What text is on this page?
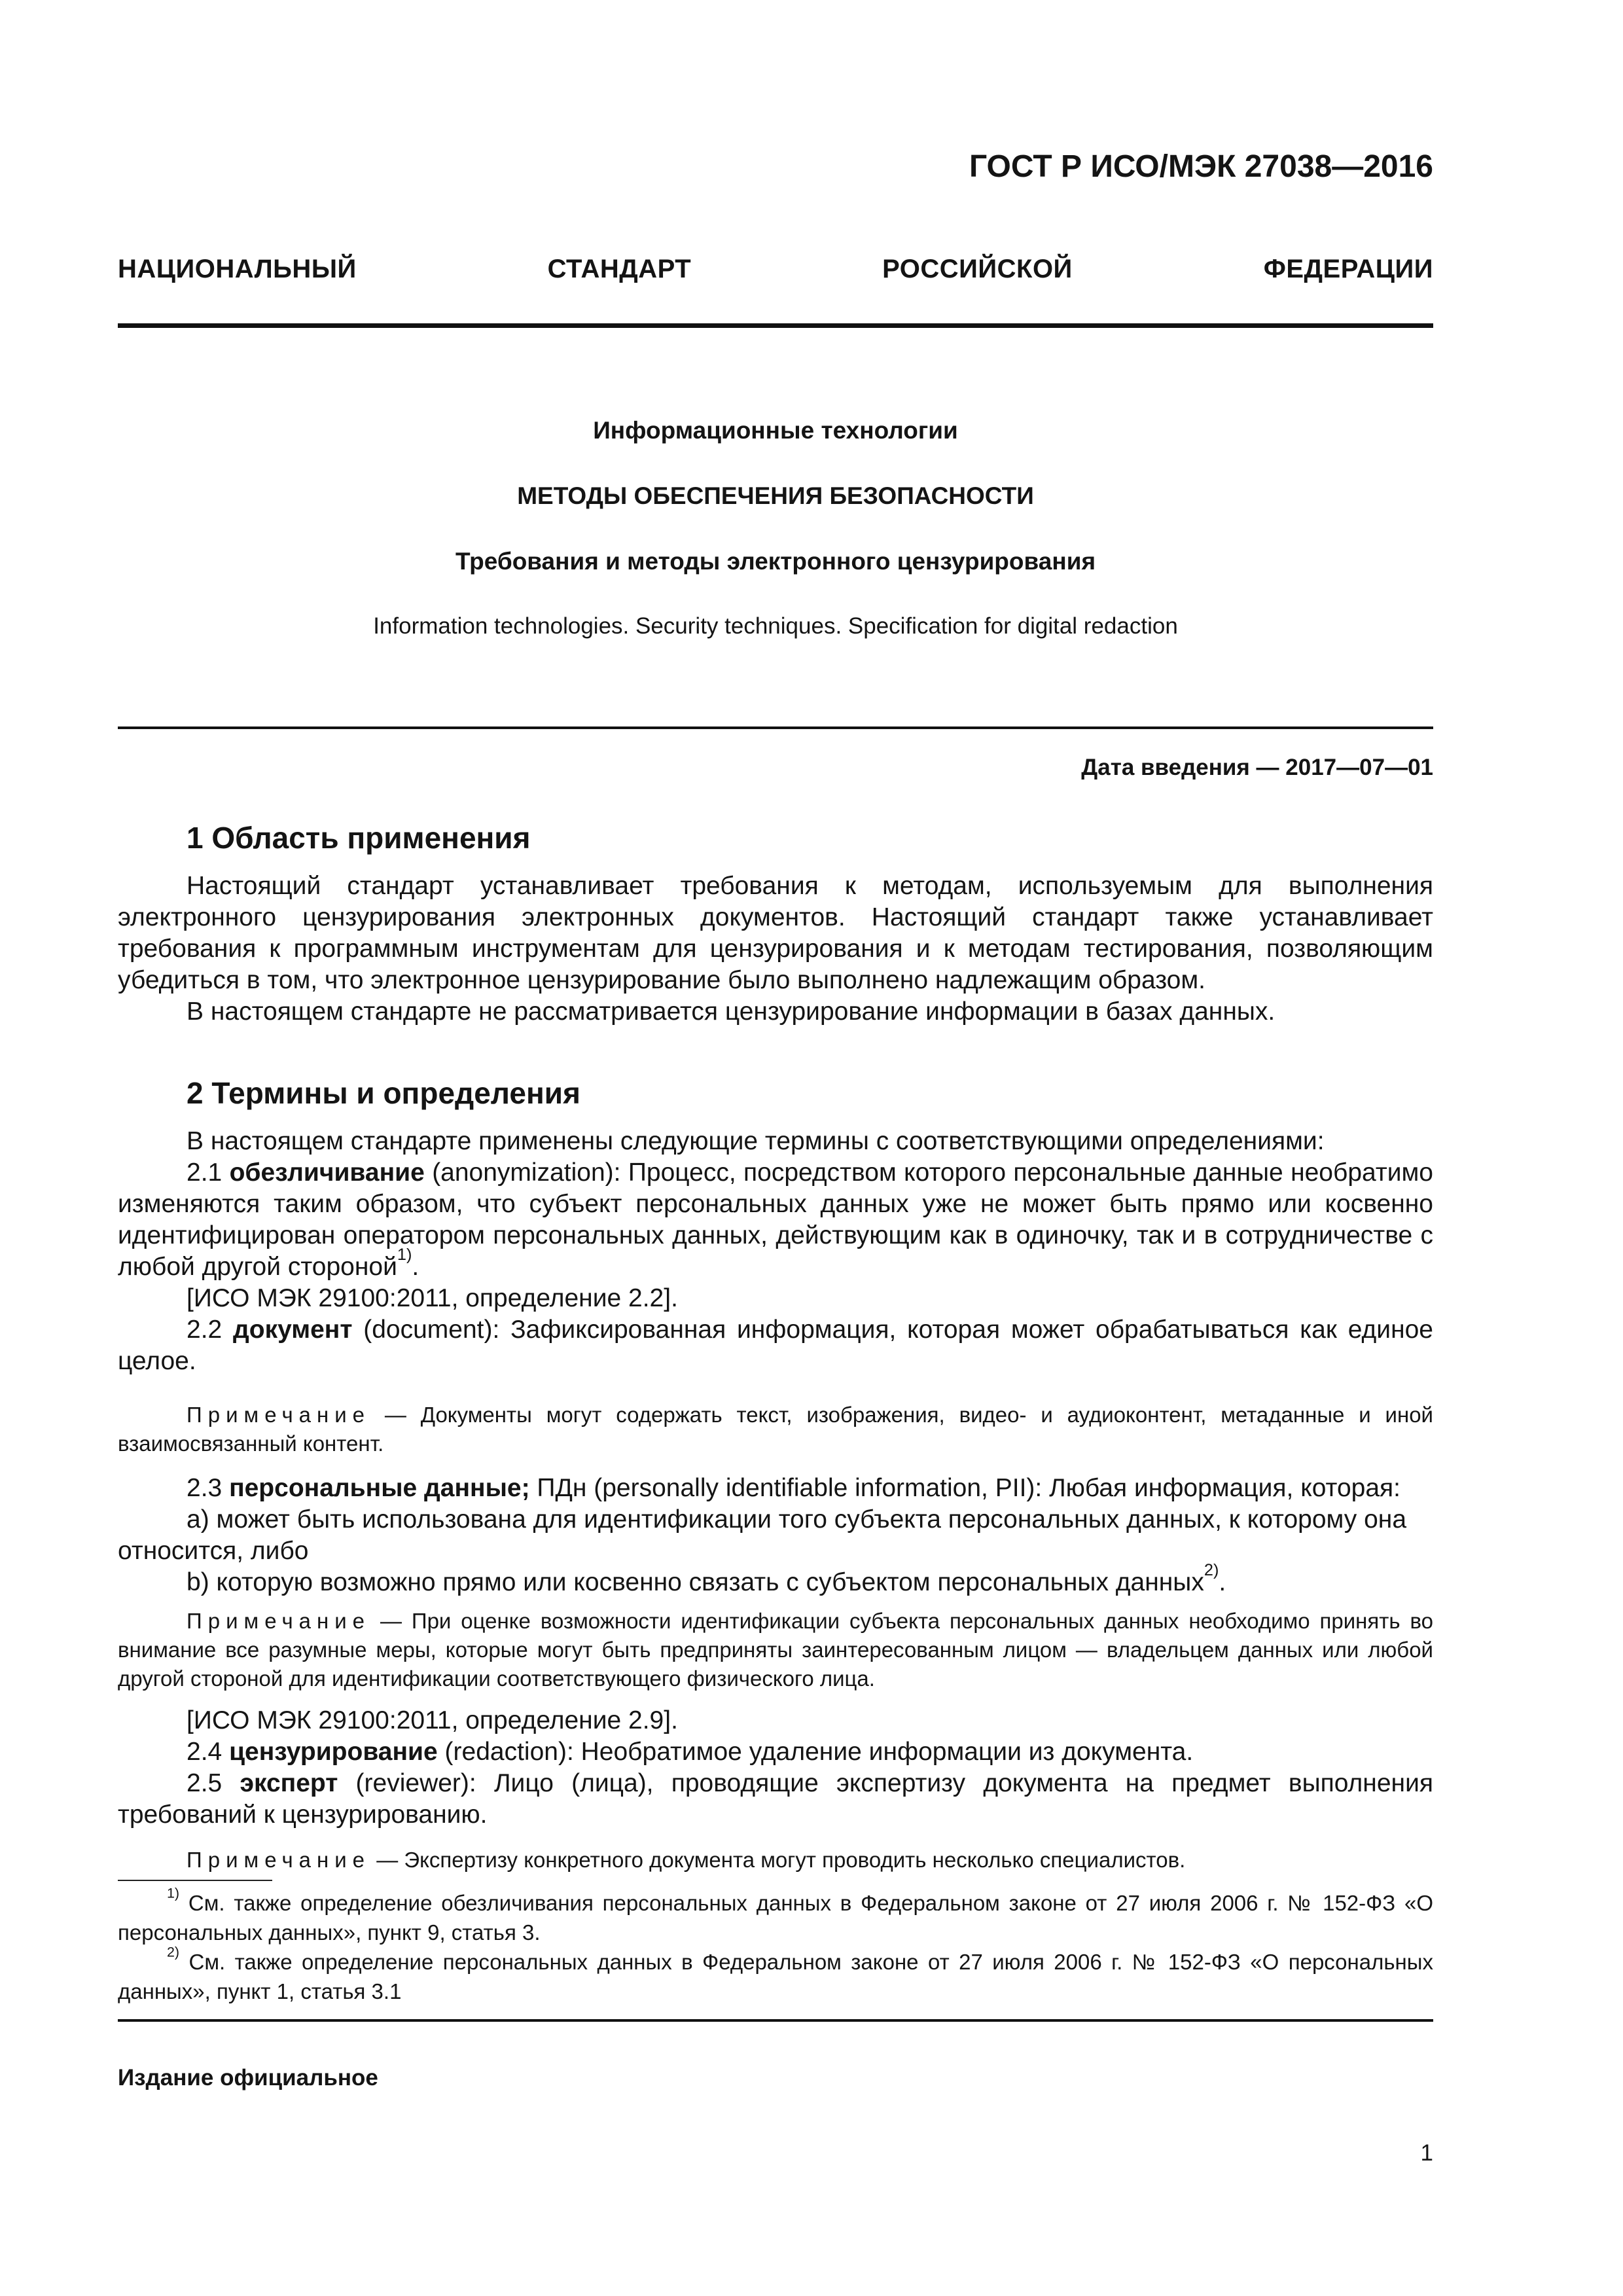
ГОСТ Р ИСО/МЭК 27038—2016
НАЦИОНАЛЬНЫЙ СТАНДАРТ РОССИЙСКОЙ ФЕДЕРАЦИИ
Информационные технологии
МЕТОДЫ ОБЕСПЕЧЕНИЯ БЕЗОПАСНОСТИ
Требования и методы электронного цензурирования
Information technologies. Security techniques. Specification for digital redaction
Дата введения — 2017—07—01
1 Область применения

Настоящий стандарт устанавливает требования к методам, используемым для выполнения электронного цензурирования электронных документов. Настоящий стандарт также устанавливает требования к программным инструментам для цензурирования и к методам тестирования, позволяющим убедиться в том, что электронное цензурирование было выполнено надлежащим образом.

В настоящем стандарте не рассматривается цензурирование информации в базах данных.

2 Термины и определения

В настоящем стандарте применены следующие термины с соответствующими определениями:

2.1 обезличивание (anonymization): Процесс, посредством которого персональные данные необратимо изменяются таким образом, что субъект персональных данных уже не может быть прямо или косвенно идентифицирован оператором персональных данных, действующим как в одиночку, так и в сотрудничестве с любой другой стороной$^{1)}$.

[ИСО МЭК 29100:2011, определение 2.2].

2.2 документ (document): Зафиксированная информация, которая может обрабатываться как единое целое.

Примечание — Документы могут содержать текст, изображения, видео- и аудиоконтент, метаданные и иной взаимосвязанный контент.

2.3 персональные данные; ПДн (personally identifiable information, PII): Любая информация, которая:

а) может быть использована для идентификации того субъекта персональных данных, к которому она относится, либо

b) которую возможно прямо или косвенно связать с субъектом персональных данных$^{2)}$.

Примечание — При оценке возможности идентификации субъекта персональных данных необходимо принять во внимание все разумные меры, которые могут быть предприняты заинтересованным лицом — владельцем данных или любой другой стороной для идентификации соответствующего физического лица.

[ИСО МЭК 29100:2011, определение 2.9].

2.4 цензурирование (redaction): Необратимое удаление информации из документа.

2.5 эксперт (reviewer): Лицо (лица), проводящие экспертизу документа на предмет выполнения требований к цензурированию.

Примечание — Экспертизу конкретного документа могут проводить несколько специалистов.

$^{1)}$ См. также определение обезличивания персональных данных в Федеральном законе от 27 июля 2006 г. № 152-ФЗ «О персональных данных», пункт 9, статья 3.

$^{2)}$ См. также определение персональных данных в Федеральном законе от 27 июля 2006 г. № 152-ФЗ «О персональных данных», пункт 1, статья 3.1

Издание официальное
1
